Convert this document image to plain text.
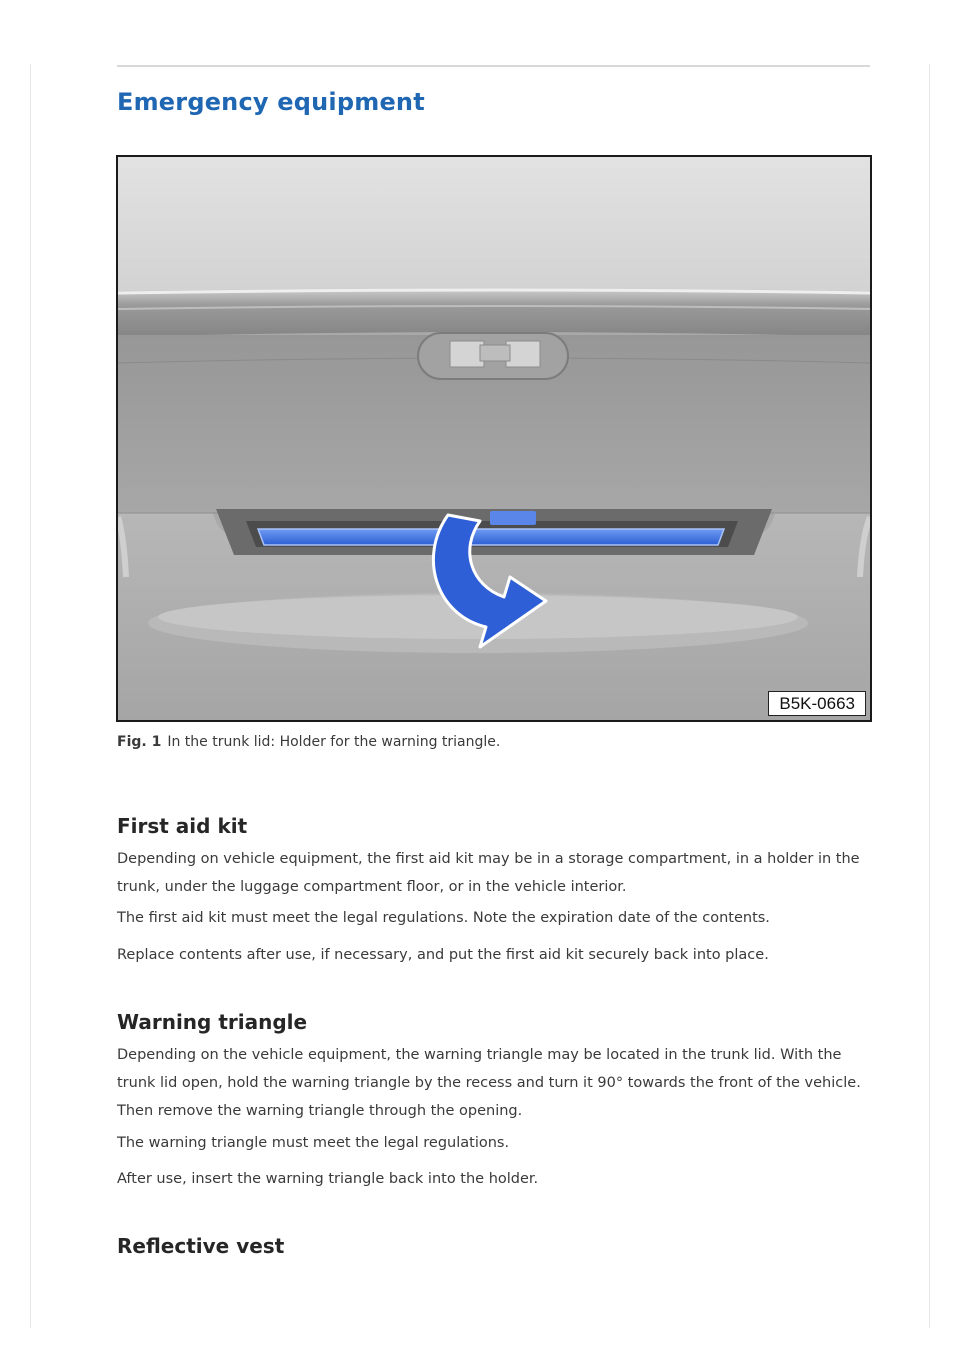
Emergency equipment
B5K-0663
Fig. 1 In the trunk lid: Holder for the warning triangle.
First aid kit

Depending on vehicle equipment, the first aid kit may be in a storage compartment, in a holder in the trunk, under the luggage compartment floor, or in the vehicle interior.

The first aid kit must meet the legal regulations. Note the expiration date of the contents.

Replace contents after use, if necessary, and put the first aid kit securely back into place.

Warning triangle

Depending on the vehicle equipment, the warning triangle may be located in the trunk lid. With the trunk lid open, hold the warning triangle by the recess and turn it 90° towards the front of the vehicle. Then remove the warning triangle through the opening.

The warning triangle must meet the legal regulations.

After use, insert the warning triangle back into the holder.

Reflective vest
